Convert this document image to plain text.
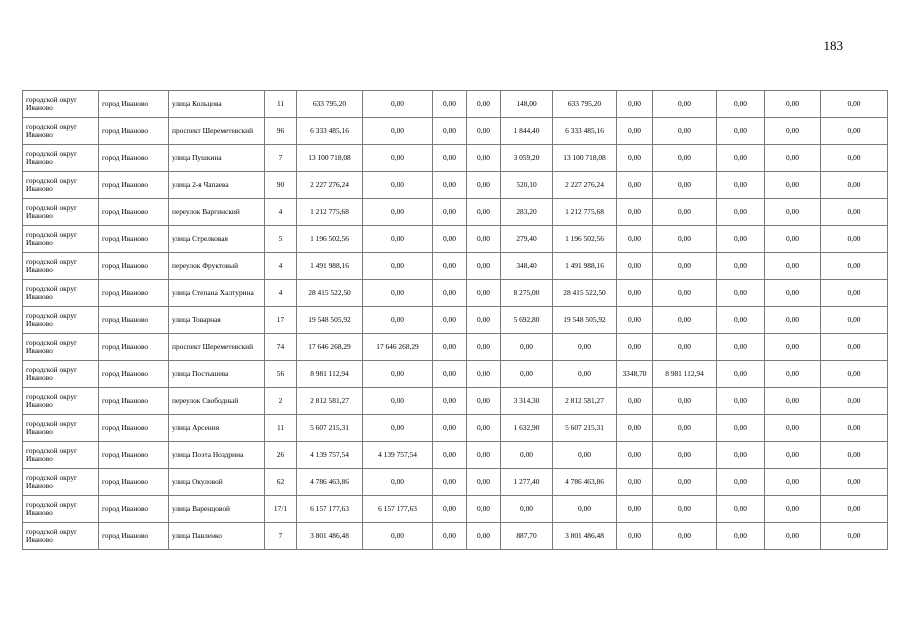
183
городской округ Иваново	город Иваново	улица Кольцова	11	633 795,20	0,00	0,00	0,00	148,00	633 795,20	0,00	0,00	0,00	0,00	0,00
городской округ Иваново	город Иваново	проспект Шереметевский	96	6 333 485,16	0,00	0,00	0,00	1 844,40	6 333 485,16	0,00	0,00	0,00	0,00	0,00
городской округ Иваново	город Иваново	улица Пушкина	7	13 100 718,08	0,00	0,00	0,00	3 059,20	13 100 718,08	0,00	0,00	0,00	0,00	0,00
городской округ Иваново	город Иваново	улица 2-я Чапаева	90	2 227 276,24	0,00	0,00	0,00	520,10	2 227 276,24	0,00	0,00	0,00	0,00	0,00
городской округ Иваново	город Иваново	переулок Варгинский	4	1 212 775,68	0,00	0,00	0,00	283,20	1 212 775,68	0,00	0,00	0,00	0,00	0,00
городской округ Иваново	город Иваново	улица Стрелковая	5	1 196 502,56	0,00	0,00	0,00	279,40	1 196 502,56	0,00	0,00	0,00	0,00	0,00
городской округ Иваново	город Иваново	переулок Фруктовый	4	1 491 988,16	0,00	0,00	0,00	348,40	1 491 988,16	0,00	0,00	0,00	0,00	0,00
городской округ Иваново	город Иваново	улица Степана Халтурина	4	28 415 522,50	0,00	0,00	0,00	8 275,00	28 415 522,50	0,00	0,00	0,00	0,00	0,00
городской округ Иваново	город Иваново	улица Товарная	17	19 548 505,92	0,00	0,00	0,00	5 692,80	19 548 505,92	0,00	0,00	0,00	0,00	0,00
городской округ Иваново	город Иваново	проспект Шереметевский	74	17 646 268,29	17 646 268,29	0,00	0,00	0,00	0,00	0,00	0,00	0,00	0,00	0,00
городской округ Иваново	город Иваново	улица Постышева	56	8 981 112,94	0,00	0,00	0,00	0,00	0,00	3348,70	8 981 112,94	0,00	0,00	0,00
городской округ Иваново	город Иваново	переулок Свободный	2	2 812 581,27	0,00	0,00	0,00	3 314,30	2 812 581,27	0,00	0,00	0,00	0,00	0,00
городской округ Иваново	город Иваново	улица Арсения	11	5 607 215,31	0,00	0,00	0,00	1 632,90	5 607 215,31	0,00	0,00	0,00	0,00	0,00
городской округ Иваново	город Иваново	улица Поэта Ноздрина	26	4 139 757,54	4 139 757,54	0,00	0,00	0,00	0,00	0,00	0,00	0,00	0,00	0,00
городской округ Иваново	город Иваново	улица Окуловой	62	4 786 463,86	0,00	0,00	0,00	1 277,40	4 786 463,86	0,00	0,00	0,00	0,00	0,00
городской округ Иваново	город Иваново	улица Варенцовой	17/1	6 157 177,63	6 157 177,63	0,00	0,00	0,00	0,00	0,00	0,00	0,00	0,00	0,00
городской округ Иваново	город Иваново	улица Павленко	7	3 801 486,48	0,00	0,00	0,00	887,70	3 801 486,48	0,00	0,00	0,00	0,00	0,00
